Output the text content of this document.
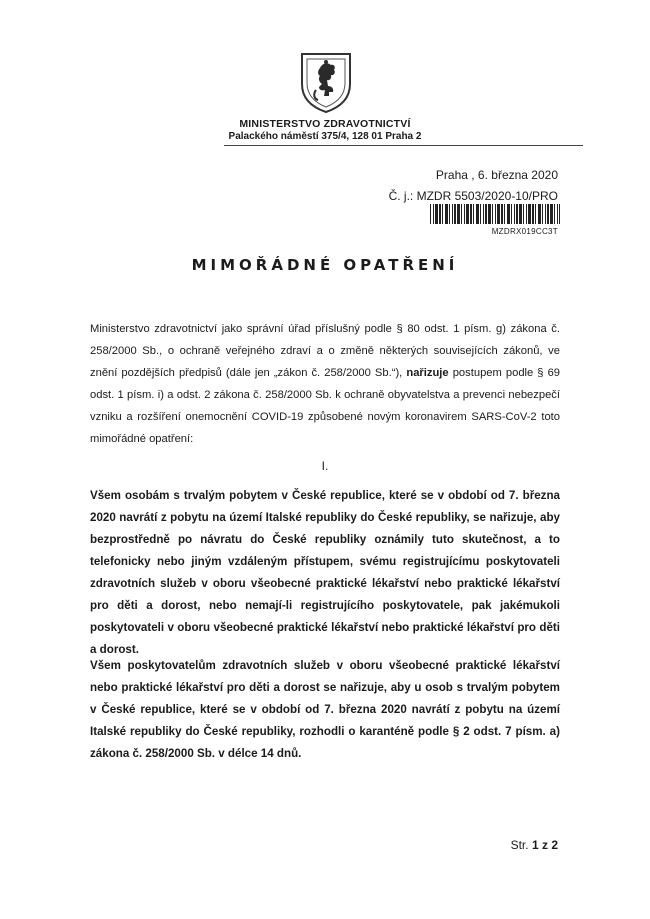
MINISTERSTVO ZDRAVOTNICTVÍ
Palackého náměstí 375/4, 128 01 Praha 2
Praha , 6. března 2020
Č. j.: MZDR 5503/2020-10/PRO
MZDRX019CC3T
MIMOŘÁDNÉ OPATŘENÍ
Ministerstvo zdravotnictví jako správní úřad příslušný podle § 80 odst. 1 písm. g) zákona č. 258/2000 Sb., o ochraně veřejného zdraví a o změně některých souvisejících zákonů, ve znění pozdějších předpisů (dále jen „zákon č. 258/2000 Sb.“), nařizuje postupem podle § 69 odst. 1 písm. i) a odst. 2 zákona č. 258/2000 Sb. k ochraně obyvatelstva a prevenci nebezpečí vzniku a rozšíření onemocnění COVID-19 způsobené novým koronavirem SARS-CoV-2 toto mimořádné opatření:
I.
Všem osobám s trvalým pobytem v České republice, které se v období od 7. března 2020 navrátí z pobytu na území Italské republiky do České republiky, se nařizuje, aby bezprostředně po návratu do České republiky oznámily tuto skutečnost, a to telefonicky nebo jiným vzdáleným přístupem, svému registrujícímu poskytovateli zdravotních služeb v oboru všeobecné praktické lékařství nebo praktické lékařství pro děti a dorost, nebo nemají-li registrujícího poskytovatele, pak jakémukoli poskytovateli v oboru všeobecné praktické lékařství nebo praktické lékařství pro děti a dorost.
Všem poskytovatelům zdravotních služeb v oboru všeobecné praktické lékařství nebo praktické lékařství pro děti a dorost se nařizuje, aby u osob s trvalým pobytem v České republice, které se v období od 7. března 2020 navrátí z pobytu na území Italské republiky do České republiky, rozhodli o karanténě podle § 2 odst. 7 písm. a) zákona č. 258/2000 Sb. v délce 14 dnů.
Str. 1 z 2
